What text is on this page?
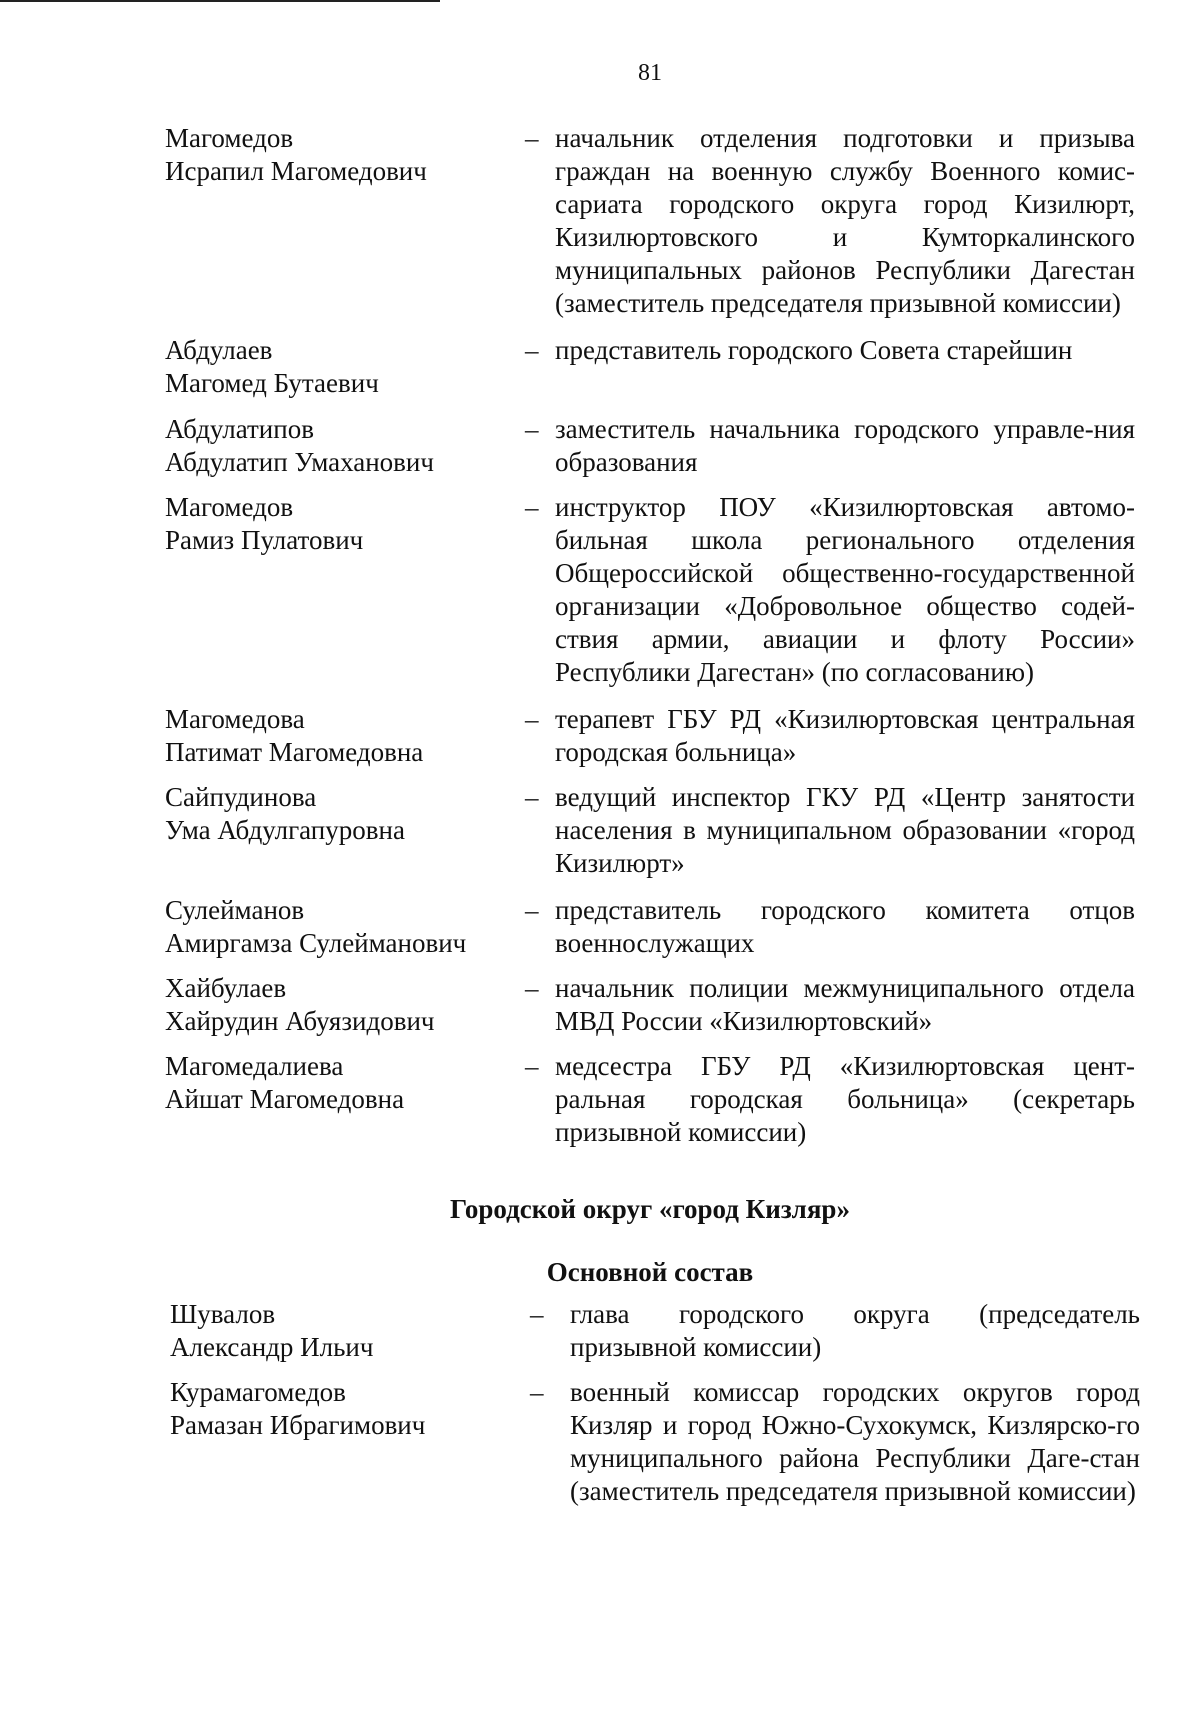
81
Магомедов
Исрапил Магомедович
– начальник отделения подготовки и призыва граждан на военную службу Военного комис-сариата городского округа город Кизилюрт, Кизилюртовского и Кумторкалинского муниципальных районов Республики Дагестан (заместитель председателя призывной комиссии)
Абдулаев
Магомед Бутаевич
– представитель городского Совета старейшин
Абдулатипов
Абдулатип Умаханович
– заместитель начальника городского управле-ния образования
Магомедов
Рамиз Пулатович
– инструктор ПОУ «Кизилюртовская автомо-бильная школа регионального отделения Общероссийской общественно-государственной организации «Добровольное общество содей-ствия армии, авиации и флоту России» Республики Дагестан» (по согласованию)
Магомедова
Патимат Магомедовна
– терапевт ГБУ РД «Кизилюртовская центральная городская больница»
Сайпудинова
Ума Абдулгапуровна
– ведущий инспектор ГКУ РД «Центр занятости населения в муниципальном образовании «город Кизилюрт»
Сулейманов
Амиргамза Сулейманович
– представитель городского комитета отцов военнослужащих
Хайбулаев
Хайрудин Абуязидович
– начальник полиции межмуниципального отдела МВД России «Кизилюртовский»
Магомедалиева
Айшат Магомедовна
– медсестра ГБУ РД «Кизилюртовская цент-ральная городская больница» (секретарь призывной комиссии)
Городской округ «город Кизляр»
Основной состав
Шувалов
Александр Ильич
– глава городского округа (председатель призывной комиссии)
Курамагомедов
Рамазан Ибрагимович
– военный комиссар городских округов город Кизляр и город Южно-Сухокумск, Кизлярско-го муниципального района Республики Даге-стан (заместитель председателя призывной комиссии)
